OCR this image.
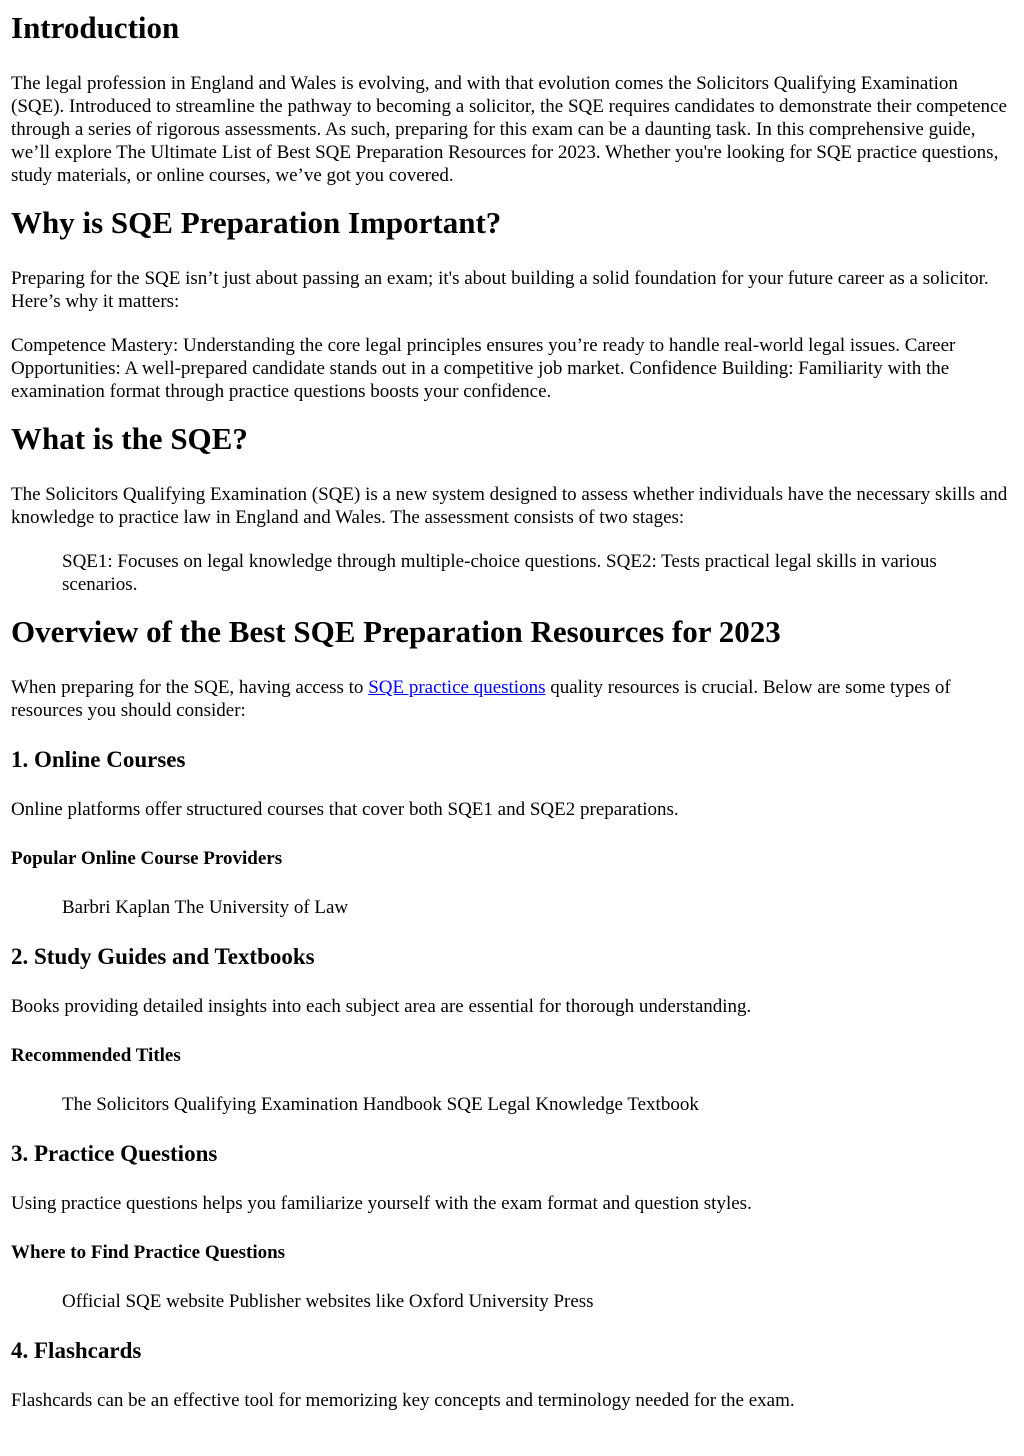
Introduction

The legal profession in England and Wales is evolving, and with that evolution comes the Solicitors Qualifying Examination (SQE). Introduced to streamline the pathway to becoming a solicitor, the SQE requires candidates to demonstrate their competence through a series of rigorous assessments. As such, preparing for this exam can be a daunting task. In this comprehensive guide, we’ll explore The Ultimate List of Best SQE Preparation Resources for 2023. Whether you're looking for SQE practice questions, study materials, or online courses, we’ve got you covered.

Why is SQE Preparation Important?

Preparing for the SQE isn’t just about passing an exam; it's about building a solid foundation for your future career as a solicitor. Here’s why it matters:

Competence Mastery: Understanding the core legal principles ensures you’re ready to handle real-world legal issues. Career Opportunities: A well-prepared candidate stands out in a competitive job market. Confidence Building: Familiarity with the examination format through practice questions boosts your confidence.

What is the SQE?

The Solicitors Qualifying Examination (SQE) is a new system designed to assess whether individuals have the necessary skills and knowledge to practice law in England and Wales. The assessment consists of two stages:

SQE1: Focuses on legal knowledge through multiple-choice questions. SQE2: Tests practical legal skills in various scenarios.
Overview of the Best SQE Preparation Resources for 2023

When preparing for the SQE, having access to SQE practice questions quality resources is crucial. Below are some types of resources you should consider:

1. Online Courses

Online platforms offer structured courses that cover both SQE1 and SQE2 preparations.

Popular Online Course Providers
Barbri Kaplan The University of Law
2. Study Guides and Textbooks

Books providing detailed insights into each subject area are essential for thorough understanding.

Recommended Titles
The Solicitors Qualifying Examination Handbook SQE Legal Knowledge Textbook
3. Practice Questions

Using practice questions helps you familiarize yourself with the exam format and question styles.

Where to Find Practice Questions
Official SQE website Publisher websites like Oxford University Press
4. Flashcards

Flashcards can be an effective tool for memorizing key concepts and terminology needed for the exam.
